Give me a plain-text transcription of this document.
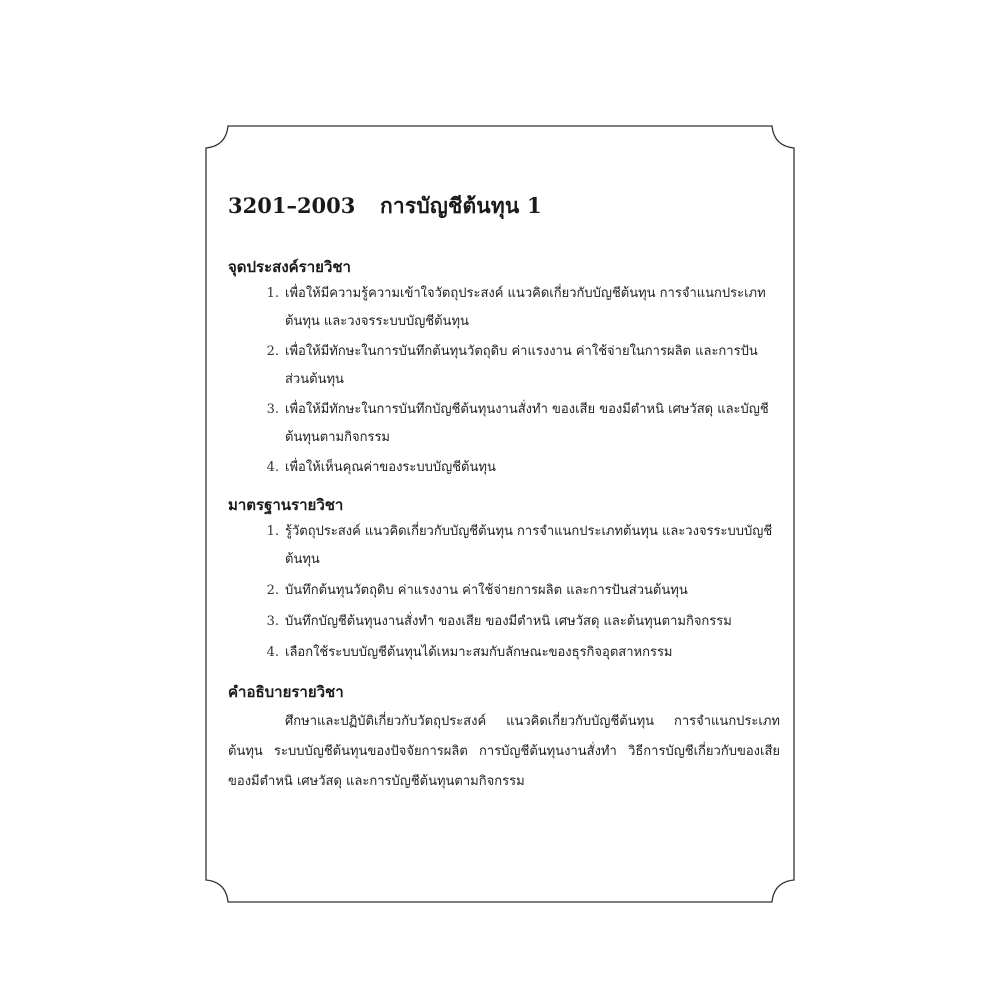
3201–2003	การบัญชีต้นทุน 1
จุดประสงค์รายวิชา
1. เพื่อให้มีความรู้ความเข้าใจวัตถุประสงค์ แนวคิดเกี่ยวกับบัญชีต้นทุน การจำแนกประเภทต้นทุน และวงจรระบบบัญชีต้นทุน
2. เพื่อให้มีทักษะในการบันทึกต้นทุนวัตถุดิบ ค่าแรงงาน ค่าใช้จ่ายในการผลิต และการปันส่วนต้นทุน
3. เพื่อให้มีทักษะในการบันทึกบัญชีต้นทุนงานสั่งทำ ของเสีย ของมีตำหนิ เศษวัสดุ และบัญชีต้นทุนตามกิจกรรม
4. เพื่อให้เห็นคุณค่าของระบบบัญชีต้นทุน
มาตรฐานรายวิชา
1. รู้วัตถุประสงค์ แนวคิดเกี่ยวกับบัญชีต้นทุน การจำแนกประเภทต้นทุน และวงจรระบบบัญชีต้นทุน
2. บันทึกต้นทุนวัตถุดิบ ค่าแรงงาน ค่าใช้จ่ายการผลิต และการปันส่วนต้นทุน
3. บันทึกบัญชีต้นทุนงานสั่งทำ ของเสีย ของมีตำหนิ เศษวัสดุ และต้นทุนตามกิจกรรม
4. เลือกใช้ระบบบัญชีต้นทุนได้เหมาะสมกับลักษณะของธุรกิจอุตสาหกรรม
คำอธิบายรายวิชา

ศึกษาและปฏิบัติเกี่ยวกับวัตถุประสงค์ แนวคิดเกี่ยวกับบัญชีต้นทุน การจำแนกประเภทต้นทุน ระบบบัญชีต้นทุนของปัจจัยการผลิต การบัญชีต้นทุนงานสั่งทำ วิธีการบัญชีเกี่ยวกับของเสีย ของมีตำหนิ เศษวัสดุ และการบัญชีต้นทุนตามกิจกรรม
